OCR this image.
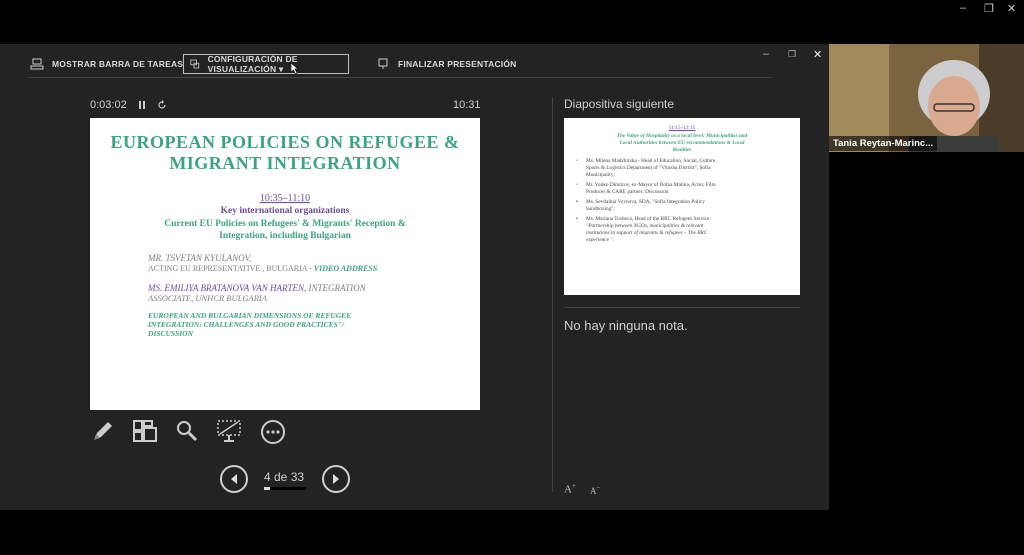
– ❐ ✕
MOSTRAR BARRA DE TAREAS
CONFIGURACIÓN DE VISUALIZACIÓN ▾	FINALIZAR PRESENTACIÓN
– ❐ ✕
0:03:02	10:31
EUROPEAN POLICIES ON REFUGEE &
MIGRANT INTEGRATION
10:35–11:10
Key international organizations
Current EU Policies on Refugees' & Migrants' Reception &
Integration, including Bulgarian
MR. TSVETAN KYULANOV,
ACTING EU REPRESENTATIVE , BULGARIA - VIDEO ADDRESS
MS. EMILIYA BRATANOVA VAN HARTEN, INTEGRATION
ASSOCIATE, UNHCR BULGARIA
EUROPEAN AND BULGARIAN DIMENSIONS OF REFUGEE
INTEGRATION: CHALLENGES AND GOOD PRACTICES"/
DISCUSSION
4 de 33
Diapositiva siguiente
11:15–12:15
The Value of Hospitality as a local level: Municipalities and
Local Authorities between EU recommendations & Local
Realities
• Ms. Milena Madzhirska - Head of Education, Social, Culture,
Sports & Logistics Department of "Vitosha District", Sofia
Municipality;
• Mr. Yonko Dimitrov, ex-Mayor of Dolna Malina, Actor, Film
Producer & CARE partner; Discussion
• Ms. Sevdalina Voynova, SDA, "Sofia Integration Policy
Sandboxing";
• Ms. Mariana Tosheva, Head of the BRC Refugees Service:
"Partnership between NGOs, municipalities & relevant
institutions in support of migrants & refugees – The BRC
experience ".
No hay ninguna nota.
A+ A−
Tania Reytan-Marinc...
